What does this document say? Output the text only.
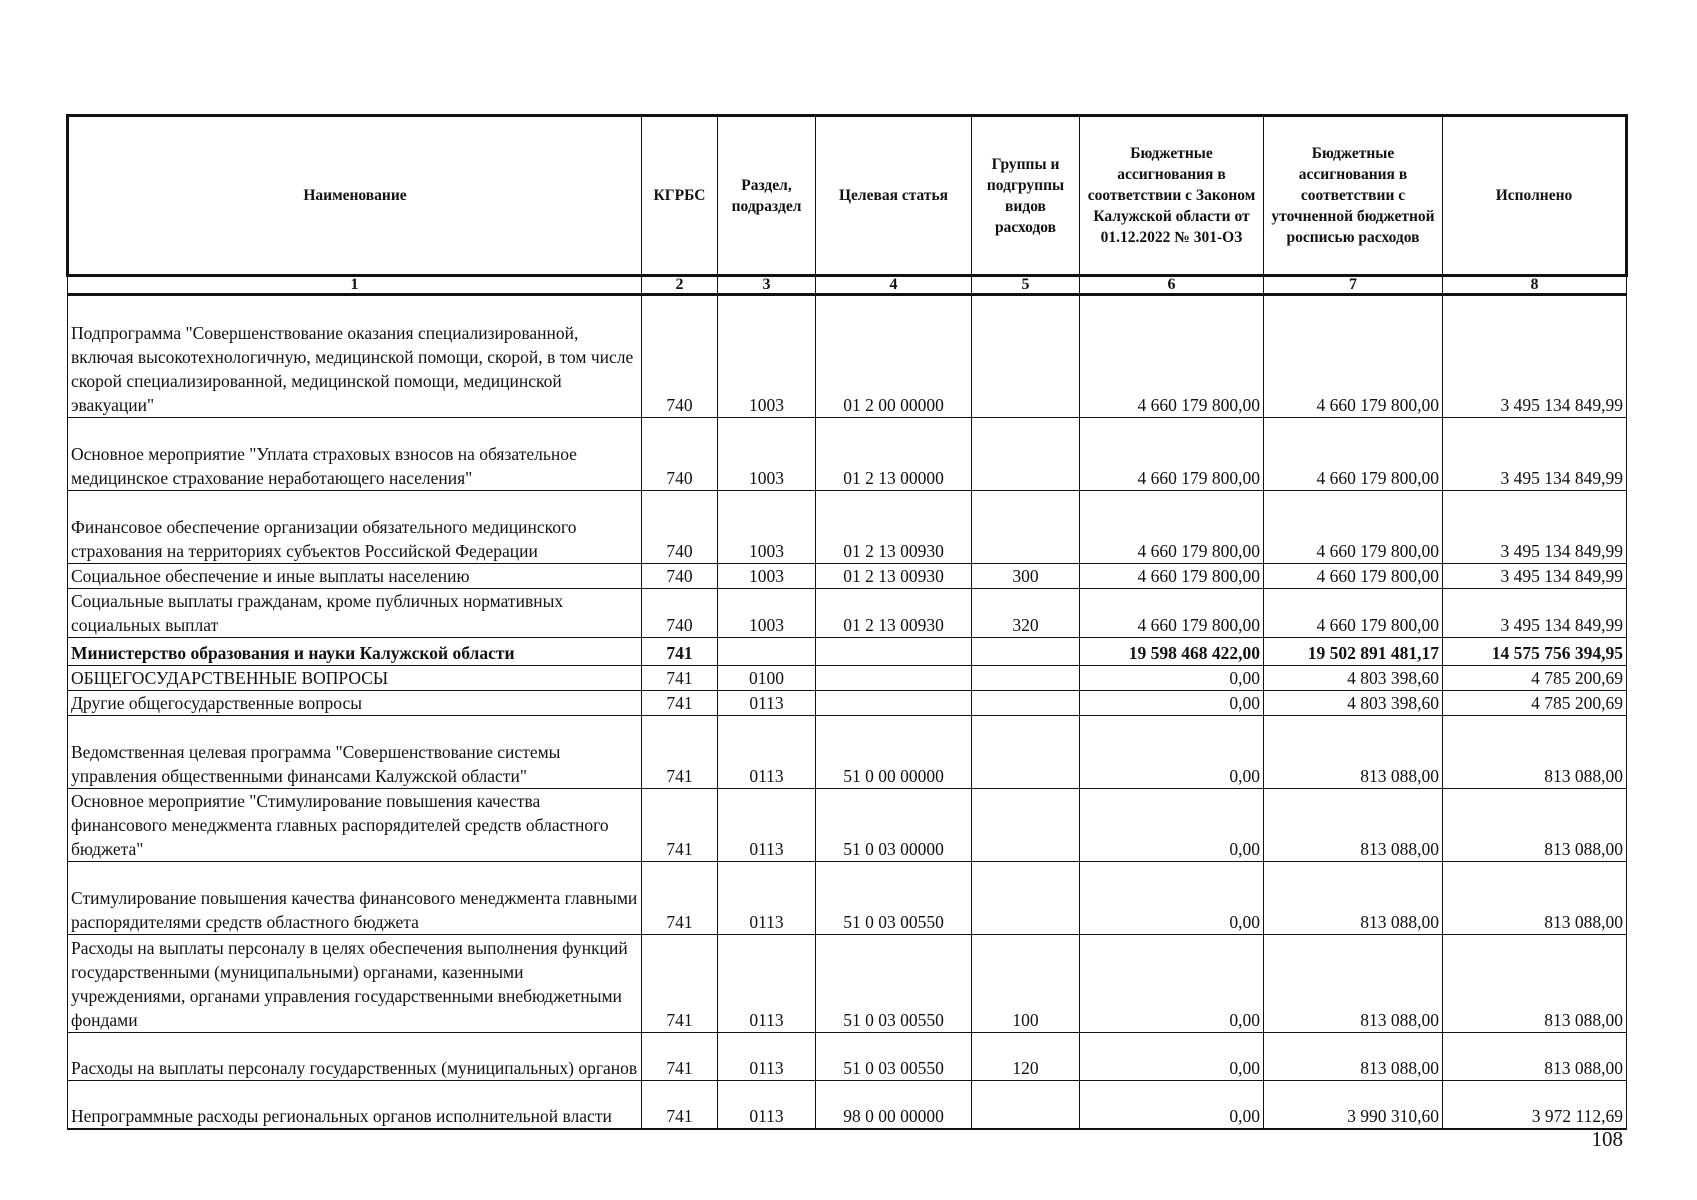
Наименование	КГРБС	Раздел, подраздел	Целевая статья	Группы и подгруппы видов расходов	Бюджетные ассигнования в соответствии с Законом Калужской области от 01.12.2022 № 301-ОЗ	Бюджетные ассигнования в соответствии с уточненной бюджетной росписью расходов	Исполнено
1	2	3	4	5	6	7	8
Подпрограмма "Совершенствование оказания специализированной, включая высокотехнологичную, медицинской помощи, скорой, в том числе скорой специализированной, медицинской помощи, медицинской эвакуации"	740	1003	01 2 00 00000		4 660 179 800,00	4 660 179 800,00	3 495 134 849,99
Основное мероприятие "Уплата страховых взносов на обязательное медицинское страхование неработающего населения"	740	1003	01 2 13 00000		4 660 179 800,00	4 660 179 800,00	3 495 134 849,99
Финансовое обеспечение организации обязательного медицинского страхования на территориях субъектов Российской Федерации	740	1003	01 2 13 00930		4 660 179 800,00	4 660 179 800,00	3 495 134 849,99
Социальное обеспечение и иные выплаты населению	740	1003	01 2 13 00930	300	4 660 179 800,00	4 660 179 800,00	3 495 134 849,99
Социальные выплаты гражданам, кроме публичных нормативных социальных выплат	740	1003	01 2 13 00930	320	4 660 179 800,00	4 660 179 800,00	3 495 134 849,99
Министерство образования и науки Калужской области	741				19 598 468 422,00	19 502 891 481,17	14 575 756 394,95
ОБЩЕГОСУДАРСТВЕННЫЕ ВОПРОСЫ	741	0100			0,00	4 803 398,60	4 785 200,69
Другие общегосударственные вопросы	741	0113			0,00	4 803 398,60	4 785 200,69
Ведомственная целевая программа "Совершенствование системы управления общественными финансами Калужской области"	741	0113	51 0 00 00000		0,00	813 088,00	813 088,00
Основное мероприятие "Стимулирование повышения качества финансового менеджмента главных распорядителей средств областного бюджета"	741	0113	51 0 03 00000		0,00	813 088,00	813 088,00
Стимулирование повышения качества финансового менеджмента главными распорядителями средств областного бюджета	741	0113	51 0 03 00550		0,00	813 088,00	813 088,00
Расходы на выплаты персоналу в целях обеспечения выполнения функций государственными (муниципальными) органами, казенными учреждениями, органами управления государственными внебюджетными фондами	741	0113	51 0 03 00550	100	0,00	813 088,00	813 088,00
Расходы на выплаты персоналу государственных (муниципальных) органов	741	0113	51 0 03 00550	120	0,00	813 088,00	813 088,00
Непрограммные расходы региональных органов исполнительной власти	741	0113	98 0 00 00000		0,00	3 990 310,60	3 972 112,69
108
